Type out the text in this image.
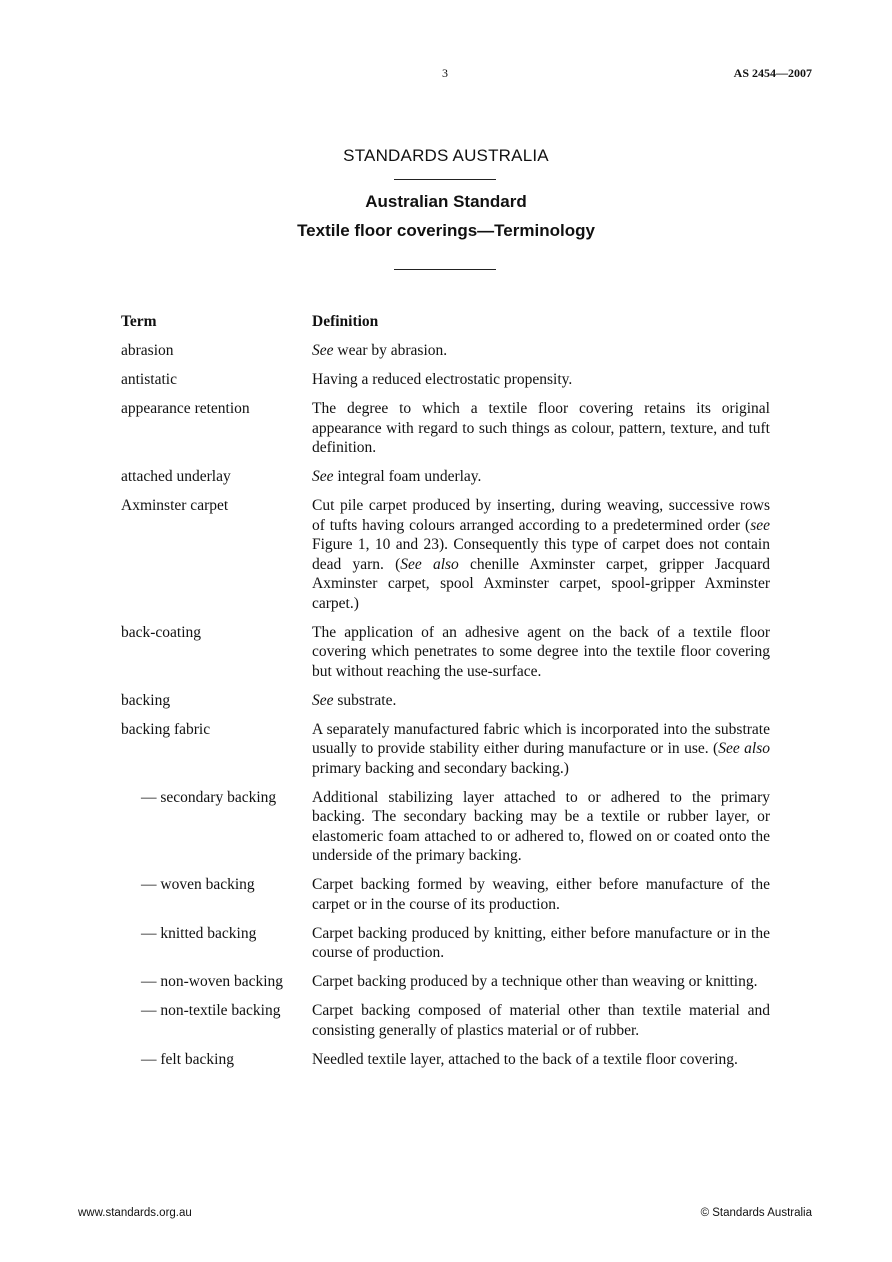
3	AS 2454—2007
STANDARDS AUSTRALIA
Australian Standard
Textile floor coverings—Terminology
Term	Definition
abrasion	See wear by abrasion.
antistatic	Having a reduced electrostatic propensity.
appearance retention	The degree to which a textile floor covering retains its original appearance with regard to such things as colour, pattern, texture, and tuft definition.
attached underlay	See integral foam underlay.
Axminster carpet	Cut pile carpet produced by inserting, during weaving, successive rows of tufts having colours arranged according to a predetermined order (see Figure 1, 10 and 23). Consequently this type of carpet does not contain dead yarn. (See also chenille Axminster carpet, gripper Jacquard Axminster carpet, spool Axminster carpet, spool-gripper Axminster carpet.)
back-coating	The application of an adhesive agent on the back of a textile floor covering which penetrates to some degree into the textile floor covering but without reaching the use-surface.
backing	See substrate.
backing fabric	A separately manufactured fabric which is incorporated into the substrate usually to provide stability either during manufacture or in use. (See also primary backing and secondary backing.)
— secondary backing	Additional stabilizing layer attached to or adhered to the primary backing. The secondary backing may be a textile or rubber layer, or elastomeric foam attached to or adhered to, flowed on or coated onto the underside of the primary backing.
— woven backing	Carpet backing formed by weaving, either before manufacture of the carpet or in the course of its production.
— knitted backing	Carpet backing produced by knitting, either before manufacture or in the course of production.
— non-woven backing	Carpet backing produced by a technique other than weaving or knitting.
— non-textile backing	Carpet backing composed of material other than textile material and consisting generally of plastics material or of rubber.
— felt backing	Needled textile layer, attached to the back of a textile floor covering.
www.standards.org.au	© Standards Australia
